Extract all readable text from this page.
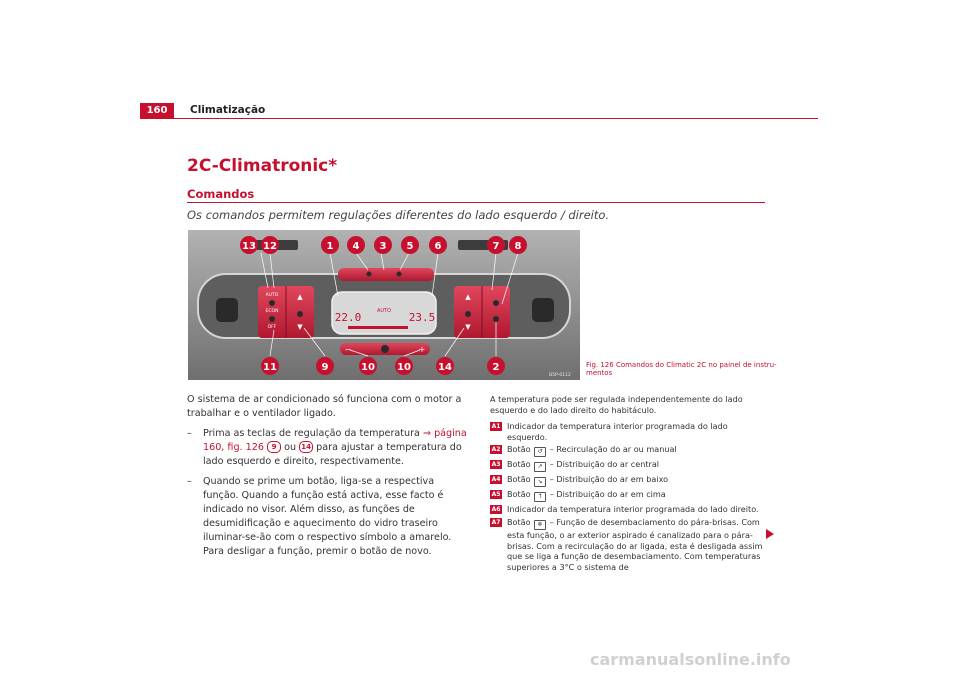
160	Climatização
2C-Climatronic*
Comandos
Os comandos permitem regulações diferentes do lado esquerdo / direito.
AUTO
ECON
OFF
▲
▼
▲
▼
AUTO
22.0	23.5
−	+
13 12	1 4 3 5 6	7 8
11	9	10 10	14	2
B5P-0112
Fig. 126 Comandos do Climatic 2C no painel de instru-mentos

O sistema de ar condicionado só funciona com o motor a trabalhar e o ventilador ligado.

–	Prima as teclas de regulação da temperatura ⇒ página 160, fig. 126 9 ou 14 para ajustar a temperatura do lado esquerdo e direito, respectivamente.
–	Quando se prime um botão, liga-se a respectiva função. Quando a função está activa, esse facto é indicado no visor. Além disso, as funções de desumidificação e aquecimento do vidro traseiro iluminar-se-ão com o respectivo símbolo a amarelo. Para desligar a função, premir o botão de novo.

A temperatura pode ser regulada independentemente do lado esquerdo e do lado direito do habitáculo.

A1 Indicador da temperatura interior programada do lado esquerdo.
A2 Botão ↺ – Recirculação do ar ou manual
A3 Botão ↗ – Distribuição do ar central
A4 Botão ↘ – Distribuição do ar em baixo
A5 Botão ↑ – Distribuição do ar em cima
A6 Indicador da temperatura interior programada do lado direito.
A7 Botão ❄ – Função de desembaciamento do pára-brisas. Com esta função, o ar exterior aspirado é canalizado para o pára-brisas. Com a recirculação do ar ligada, esta é desligada assim que se liga a função de desembaciamento. Com temperaturas superiores a 3°C o sistema de
carmanualsonline.info
